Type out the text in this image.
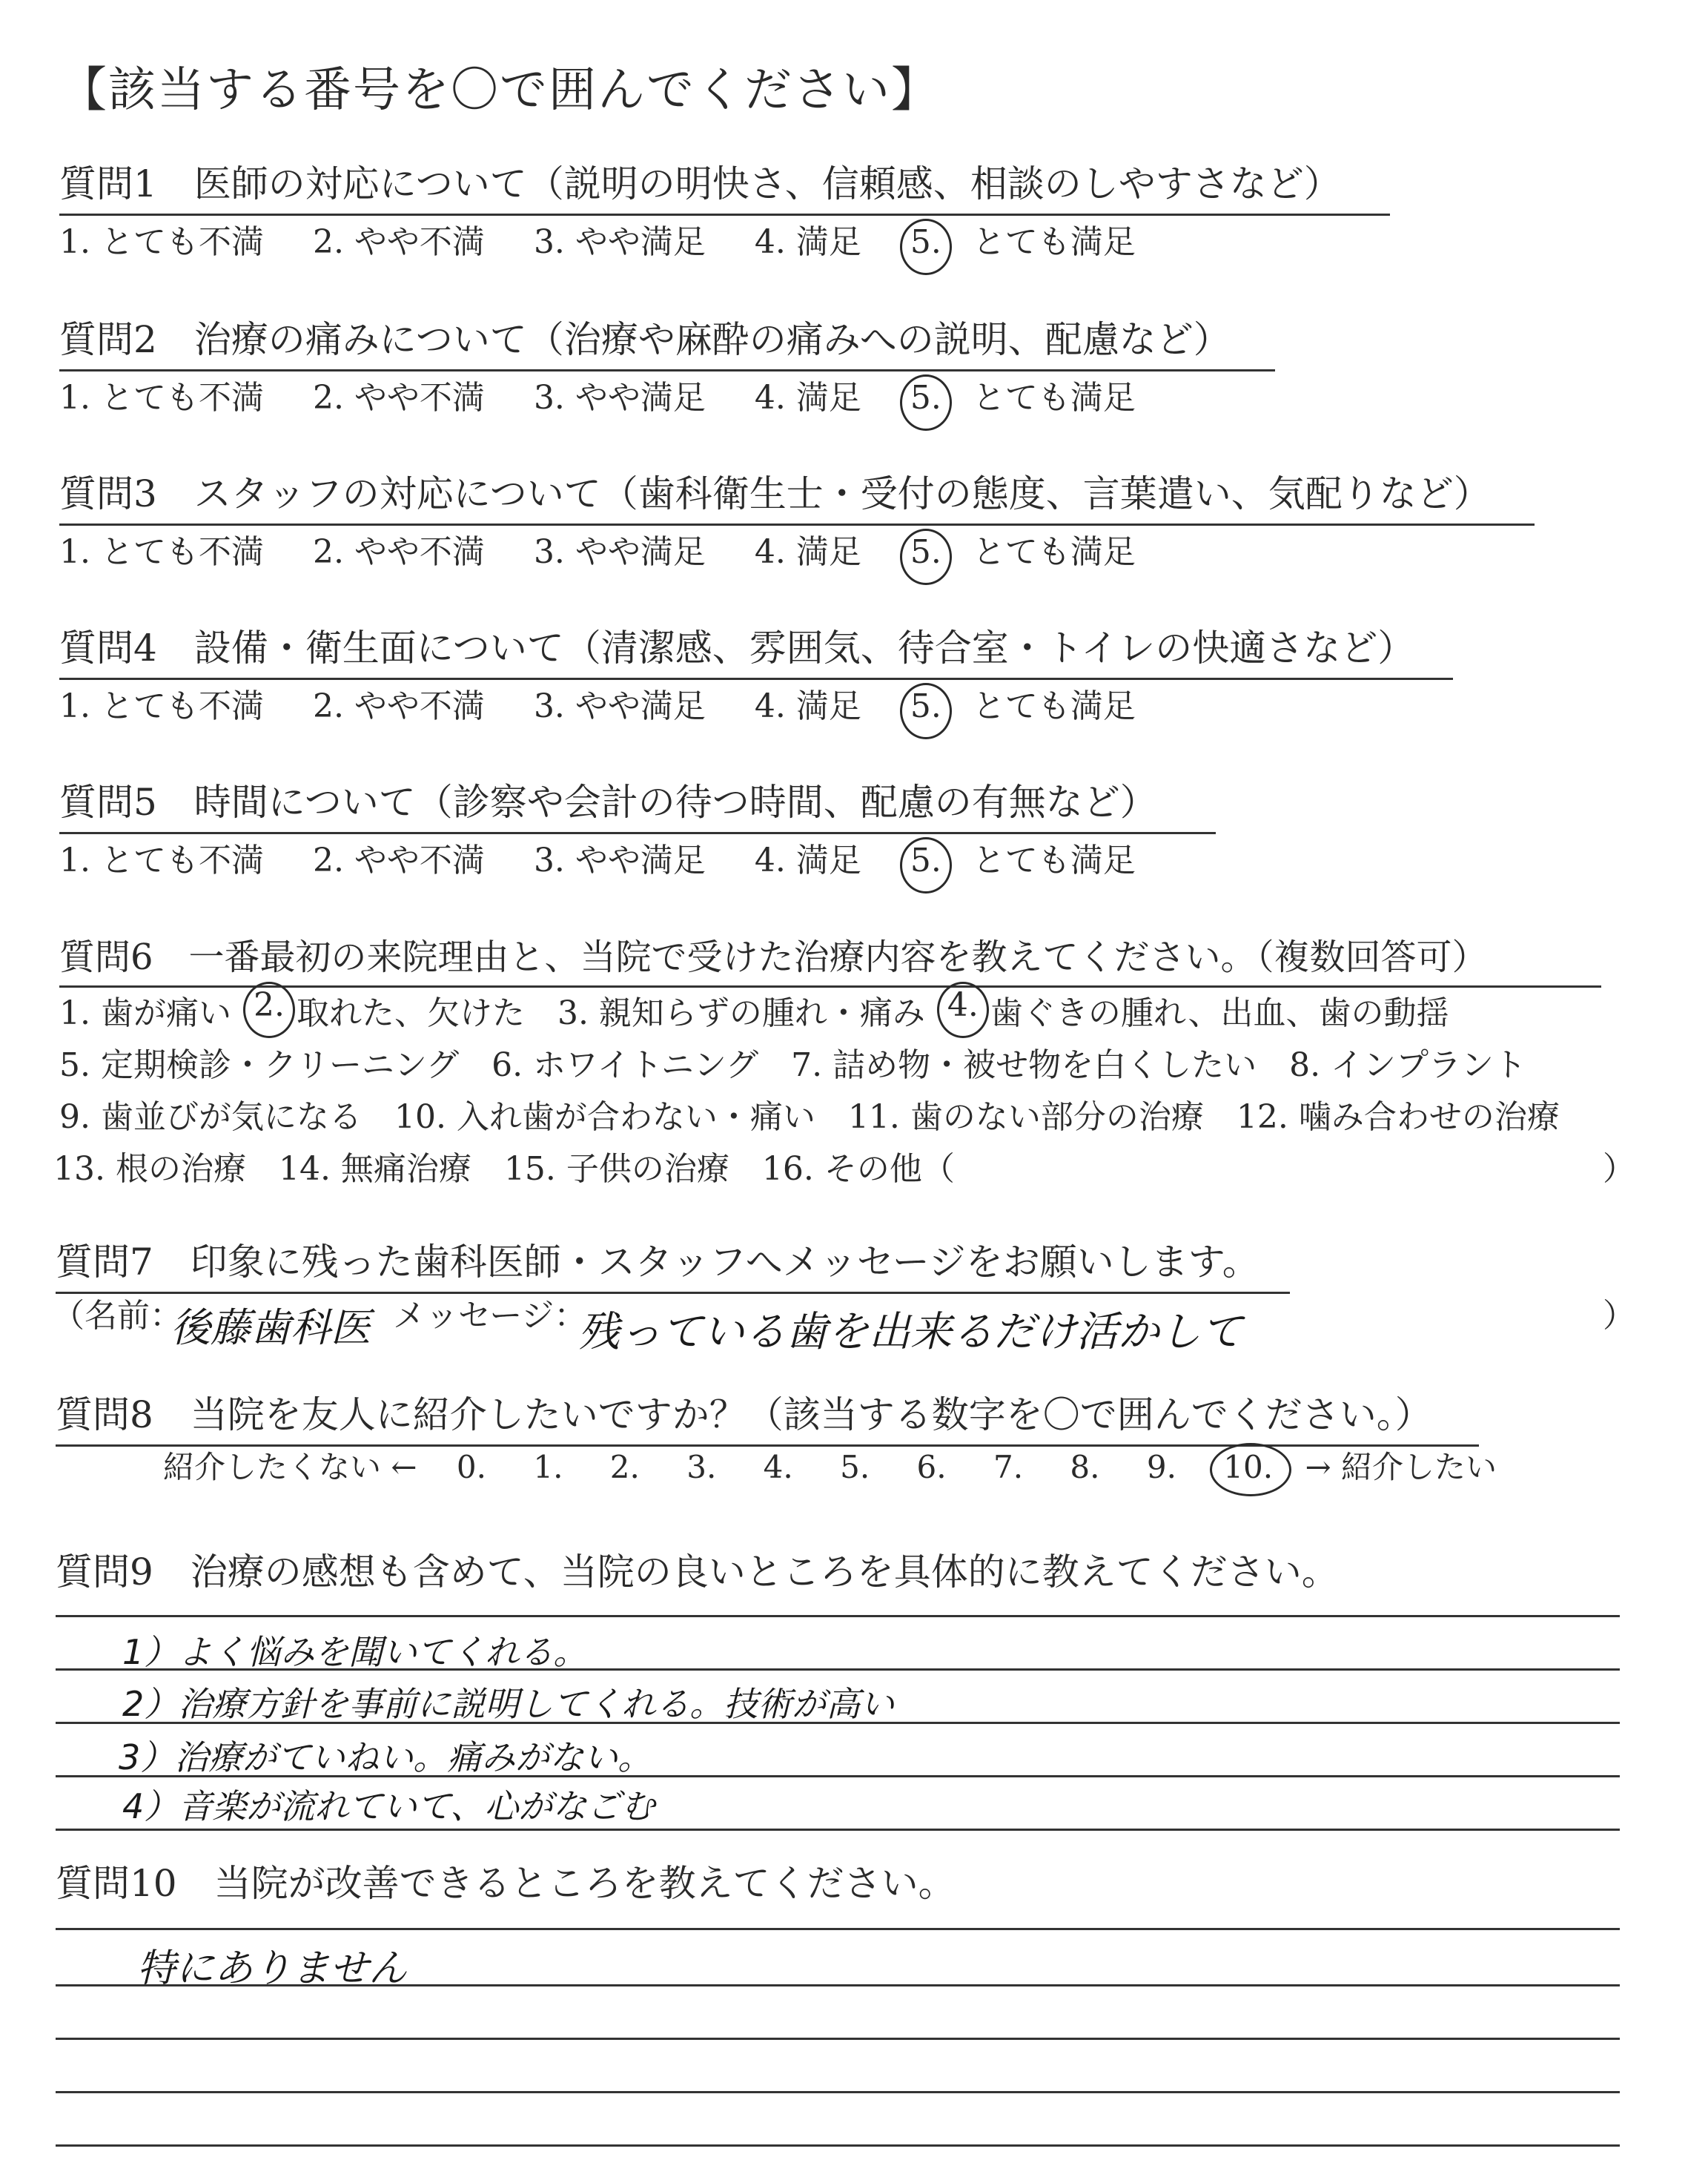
【該当する番号を〇で囲んでください】
質問1　医師の対応について（説明の明快さ、信頼感、相談のしやすさなど）
1. とても不満 2. やや不満 3. やや満足 4. 満足 5. とても満足
質問2　治療の痛みについて（治療や麻酔の痛みへの説明、配慮など）
1. とても不満 2. やや不満 3. やや満足 4. 満足 5. とても満足
質問3　スタッフの対応について（歯科衛生士・受付の態度、言葉遣い、気配りなど）
1. とても不満 2. やや不満 3. やや満足 4. 満足 5. とても満足
質問4　設備・衛生面について（清潔感、雰囲気、待合室・トイレの快適さなど）
1. とても不満 2. やや不満 3. やや満足 4. 満足 5. とても満足
質問5　時間について（診察や会計の待つ時間、配慮の有無など）
1. とても不満 2. やや不満 3. やや満足 4. 満足 5. とても満足
質問6　一番最初の来院理由と、当院で受けた治療内容を教えてください。（複数回答可）
1. 歯が痛い 2. 取れた、欠けた 3. 親知らずの腫れ・痛み 4. 歯ぐきの腫れ、出血、歯の動揺
5. 定期検診・クリーニング 6. ホワイトニング 7. 詰め物・被せ物を白くしたい 8. インプラント
9. 歯並びが気になる 10. 入れ歯が合わない・痛い 11. 歯のない部分の治療 12. 噛み合わせの治療
13. 根の治療 14. 無痛治療 15. 子供の治療 16. その他（	）
質問7　印象に残った歯科医師・スタッフへメッセージをお願いします。
（名前：
後藤歯科医 メッセージ：
残っている歯を出来るだけ活かして	）
質問8　当院を友人に紹介したいですか？（該当する数字を〇で囲んでください。）
紹介したくない ← 0. 1. 2. 3. 4. 5. 6. 7. 8. 9. 10. → 紹介したい
質問9　治療の感想も含めて、当院の良いところを具体的に教えてください。
1）よく悩みを聞いてくれる。
2）治療方針を事前に説明してくれる。技術が高い
3）治療がていねい。痛みがない。
4）音楽が流れていて、心がなごむ
質問10　当院が改善できるところを教えてください。
特にありません
